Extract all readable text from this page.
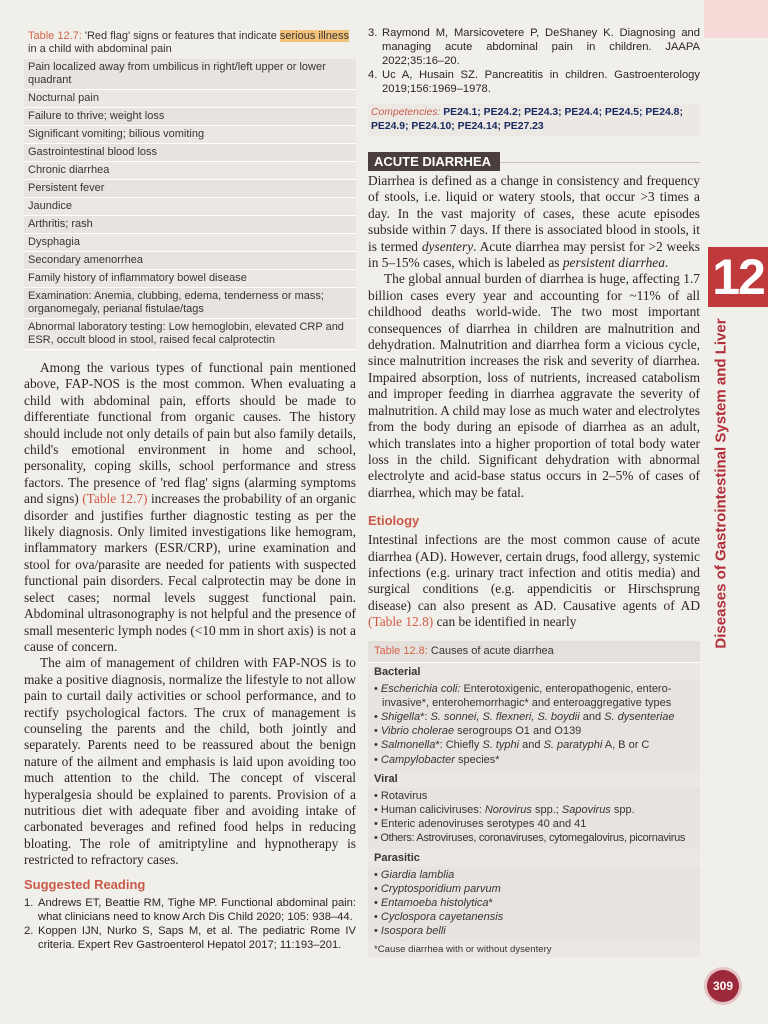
Table 12.7: 'Red flag' signs or features that indicate serious illness in a child with abdominal pain
Pain localized away from umbilicus in right/left upper or lower quadrant
Nocturnal pain
Failure to thrive; weight loss
Significant vomiting; bilious vomiting
Gastrointestinal blood loss
Chronic diarrhea
Persistent fever
Jaundice
Arthritis; rash
Dysphagia
Secondary amenorrhea
Family history of inflammatory bowel disease
Examination: Anemia, clubbing, edema, tenderness or mass; organomegaly, perianal fistulae/tags
Abnormal laboratory testing: Low hemoglobin, elevated CRP and ESR, occult blood in stool, raised fecal calprotectin

Among the various types of functional pain mentioned above, FAP-NOS is the most common. When evaluating a child with abdominal pain, efforts should be made to differentiate functional from organic causes. The history should include not only details of pain but also family details, child's emotional environment in home and school, personality, coping skills, school performance and stress factors. The presence of 'red flag' signs (alarming symptoms and signs) (Table 12.7) increases the probability of an organic disorder and justifies further diagnostic testing as per the likely diagnosis. Only limited investigations like hemogram, inflammatory markers (ESR/CRP), urine examination and stool for ova/parasite are needed for patients with suspected functional pain disorders. Fecal calprotectin may be done in select cases; normal levels suggest functional pain. Abdominal ultrasonography is not helpful and the presence of small mesenteric lymph nodes (<10 mm in short axis) is not a cause of concern.

The aim of management of children with FAP-NOS is to make a positive diagnosis, normalize the lifestyle to not allow pain to curtail daily activities or school performance, and to rectify psychological factors. The crux of management is counseling the parents and the child, both jointly and separately. Parents need to be reassured about the benign nature of the ailment and emphasis is laid upon avoiding too much attention to the child. The concept of visceral hyperalgesia should be explained to parents. Provision of a nutritious diet with adequate fiber and avoiding intake of carbonated beverages and refined food helps in reducing bloating. The role of amitriptyline and hypnotherapy is restricted to refractory cases.

Suggested Reading
1. Andrews ET, Beattie RM, Tighe MP. Functional abdominal pain: what clinicians need to know Arch Dis Child 2020; 105: 938–44.
2. Koppen IJN, Nurko S, Saps M, et al. The pediatric Rome IV criteria. Expert Rev Gastroenterol Hepatol 2017; 11:193–201.
3. Raymond M, Marsicovetere P, DeShaney K. Diagnosing and managing acute abdominal pain in children. JAAPA 2022;35:16–20.
4. Uc A, Husain SZ. Pancreatitis in children. Gastroenterology 2019;156:1969–1978.
Competencies: PE24.1; PE24.2; PE24.3; PE24.4; PE24.5; PE24.8; PE24.9; PE24.10; PE24.14; PE27.23
ACUTE DIARRHEA

Diarrhea is defined as a change in consistency and frequency of stools, i.e. liquid or watery stools, that occur >3 times a day. In the vast majority of cases, these acute episodes subside within 7 days. If there is associated blood in stools, it is termed dysentery. Acute diarrhea may persist for >2 weeks in 5–15% cases, which is labeled as persistent diarrhea.

The global annual burden of diarrhea is huge, affecting 1.7 billion cases every year and accounting for ~11% of all childhood deaths world-wide. The two most important consequences of diarrhea in children are malnutrition and dehydration. Malnutrition and diarrhea form a vicious cycle, since malnutrition increases the risk and severity of diarrhea. Impaired absorption, loss of nutrients, increased catabolism and improper feeding in diarrhea aggravate the severity of malnutrition. A child may lose as much water and electrolytes from the body during an episode of diarrhea as an adult, which translates into a higher proportion of total body water loss in the child. Significant dehydration with abnormal electrolyte and acid-base status occurs in 2–5% of cases of diarrhea, which may be fatal.

Etiology

Intestinal infections are the most common cause of acute diarrhea (AD). However, certain drugs, food allergy, systemic infections (e.g. urinary tract infection and otitis media) and surgical conditions (e.g. appendicitis or Hirschsprung disease) can also present as AD. Causative agents of AD (Table 12.8) can be identified in nearly

Table 12.8: Causes of acute diarrhea
Bacterial
• Escherichia coli: Enterotoxigenic, enteropathogenic, entero-invasive*, enterohemorrhagic* and enteroaggregative types
• Shigella*: S. sonnei, S. flexneri, S. boydii and S. dysenteriae
• Vibrio cholerae serogroups O1 and O139
• Salmonella*: Chiefly S. typhi and S. paratyphi A, B or C
• Campylobacter species*
Viral
• Rotavirus
• Human caliciviruses: Norovirus spp.; Sapovirus spp.
• Enteric adenoviruses serotypes 40 and 41
• Others: Astroviruses, coronaviruses, cytomegalovirus, picornavirus
Parasitic
• Giardia lamblia
• Cryptosporidium parvum
• Entamoeba histolytica*
• Cyclospora cayetanensis
• Isospora belli
*Cause diarrhea with or without dysentery
12
Diseases of Gastrointestinal System and Liver
309
